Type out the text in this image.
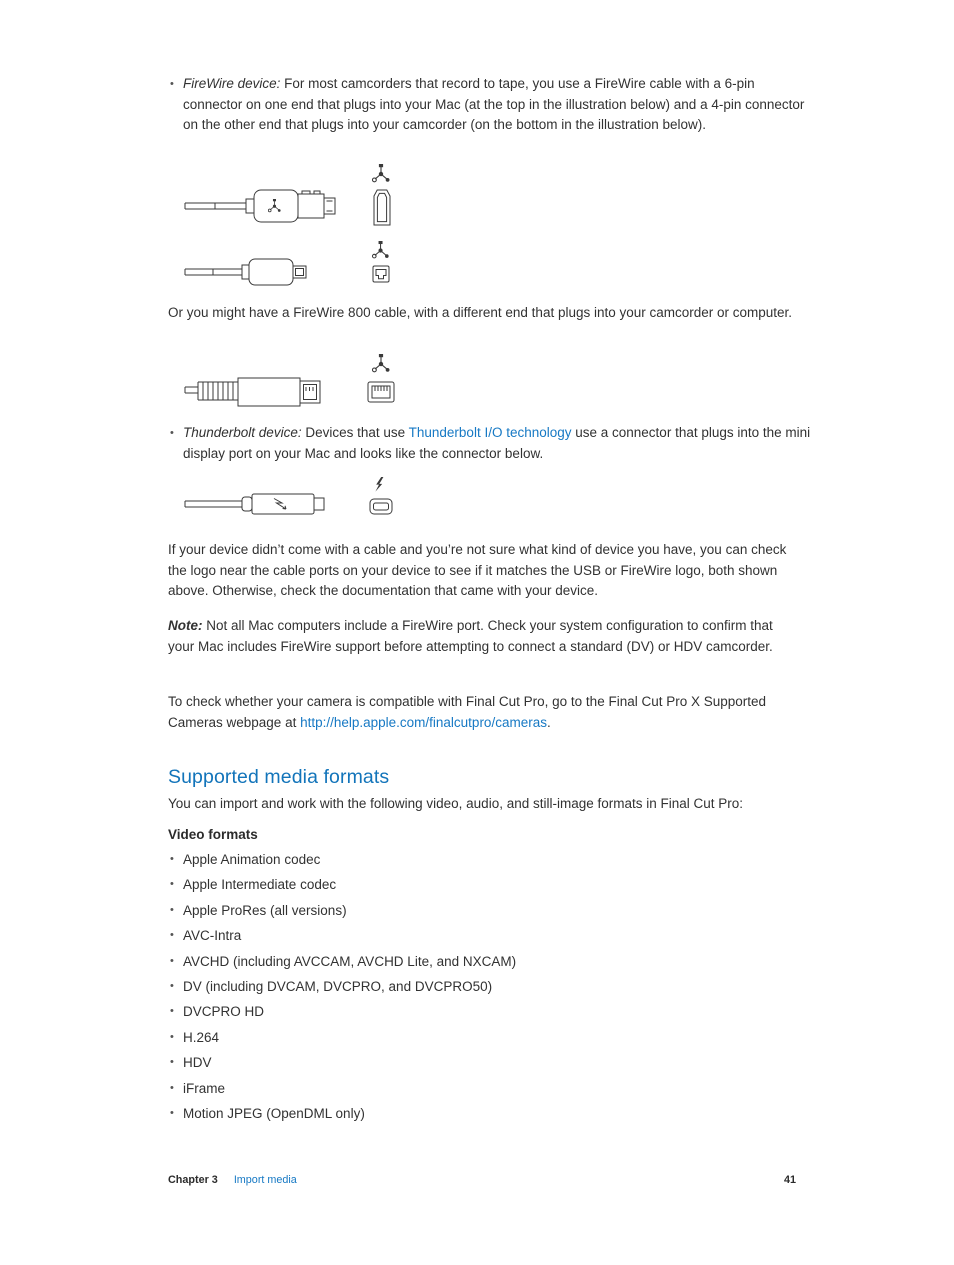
• FireWire device: For most camcorders that record to tape, you use a FireWire cable with a 6-pin connector on one end that plugs into your Mac (at the top in the illustration below) and a 4-pin connector on the other end that plugs into your camcorder (on the bottom in the illustration below).
Or you might have a FireWire 800 cable, with a different end that plugs into your camcorder or computer.
• Thunderbolt device: Devices that use Thunderbolt I/O technology use a connector that plugs into the mini display port on your Mac and looks like the connector below.
If your device didn’t come with a cable and you’re not sure what kind of device you have, you can check the logo near the cable ports on your device to see if it matches the USB or FireWire logo, both shown above. Otherwise, check the documentation that came with your device.
Note: Not all Mac computers include a FireWire port. Check your system configuration to confirm that your Mac includes FireWire support before attempting to connect a standard (DV) or HDV camcorder.
To check whether your camera is compatible with Final Cut Pro, go to the Final Cut Pro X Supported Cameras webpage at http://help.apple.com/finalcutpro/cameras.
Supported media formats
You can import and work with the following video, audio, and still-image formats in Final Cut Pro:
Video formats
• Apple Animation codec
• Apple Intermediate codec
• Apple ProRes (all versions)
• AVC-Intra
• AVCHD (including AVCCAM, AVCHD Lite, and NXCAM)
• DV (including DVCAM, DVCPRO, and DVCPRO50)
• DVCPRO HD
• H.264
• HDV
• iFrame
• Motion JPEG (OpenDML only)
Chapter 3 Import media	41
